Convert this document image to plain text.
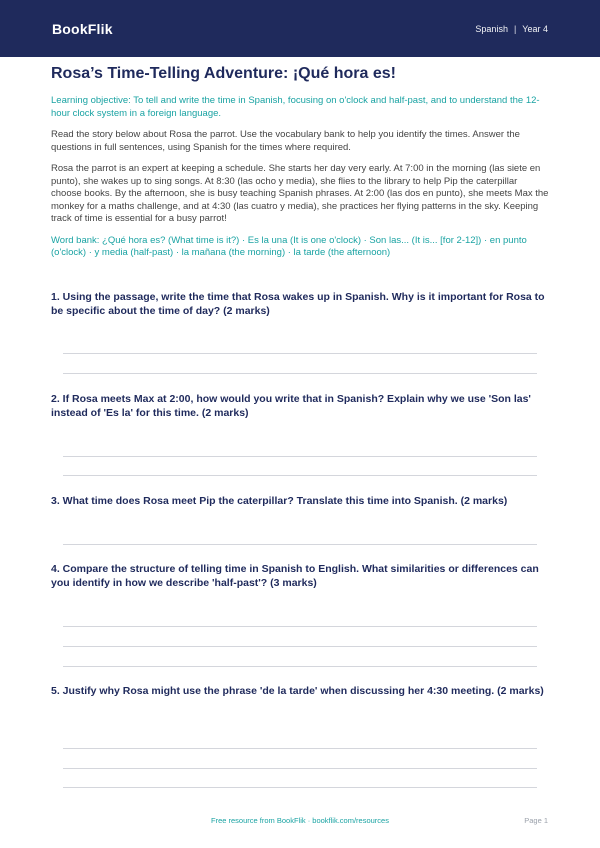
BookFlik	Spanish | Year 4
Rosa’s Time-Telling Adventure: ¡Qué hora es!

Learning objective: To tell and write the time in Spanish, focusing on o'clock and half-past, and to understand the 12-hour clock system in a foreign language.

Read the story below about Rosa the parrot. Use the vocabulary bank to help you identify the times. Answer the questions in full sentences, using Spanish for the times where required.

Rosa the parrot is an expert at keeping a schedule. She starts her day very early. At 7:00 in the morning (las siete en punto), she wakes up to sing songs. At 8:30 (las ocho y media), she flies to the library to help Pip the caterpillar choose books. By the afternoon, she is busy teaching Spanish phrases. At 2:00 (las dos en punto), she meets Max the monkey for a maths challenge, and at 4:30 (las cuatro y media), she practices her flying patterns in the sky. Keeping track of time is essential for a busy parrot!

Word bank: ¿Qué hora es? (What time is it?) · Es la una (It is one o'clock) · Son las... (It is... [for 2-12]) · en punto (o'clock) · y media (half-past) · la mañana (the morning) · la tarde (the afternoon)

1. Using the passage, write the time that Rosa wakes up in Spanish. Why is it important for Rosa to be specific about the time of day? (2 marks)
2. If Rosa meets Max at 2:00, how would you write that in Spanish? Explain why we use 'Son las' instead of 'Es la' for this time. (2 marks)
3. What time does Rosa meet Pip the caterpillar? Translate this time into Spanish. (2 marks)
4. Compare the structure of telling time in Spanish to English. What similarities or differences can you identify in how we describe 'half-past'? (3 marks)
5. Justify why Rosa might use the phrase 'de la tarde' when discussing her 4:30 meeting. (2 marks)
Free resource from BookFlik · bookflik.com/resources	Page 1
